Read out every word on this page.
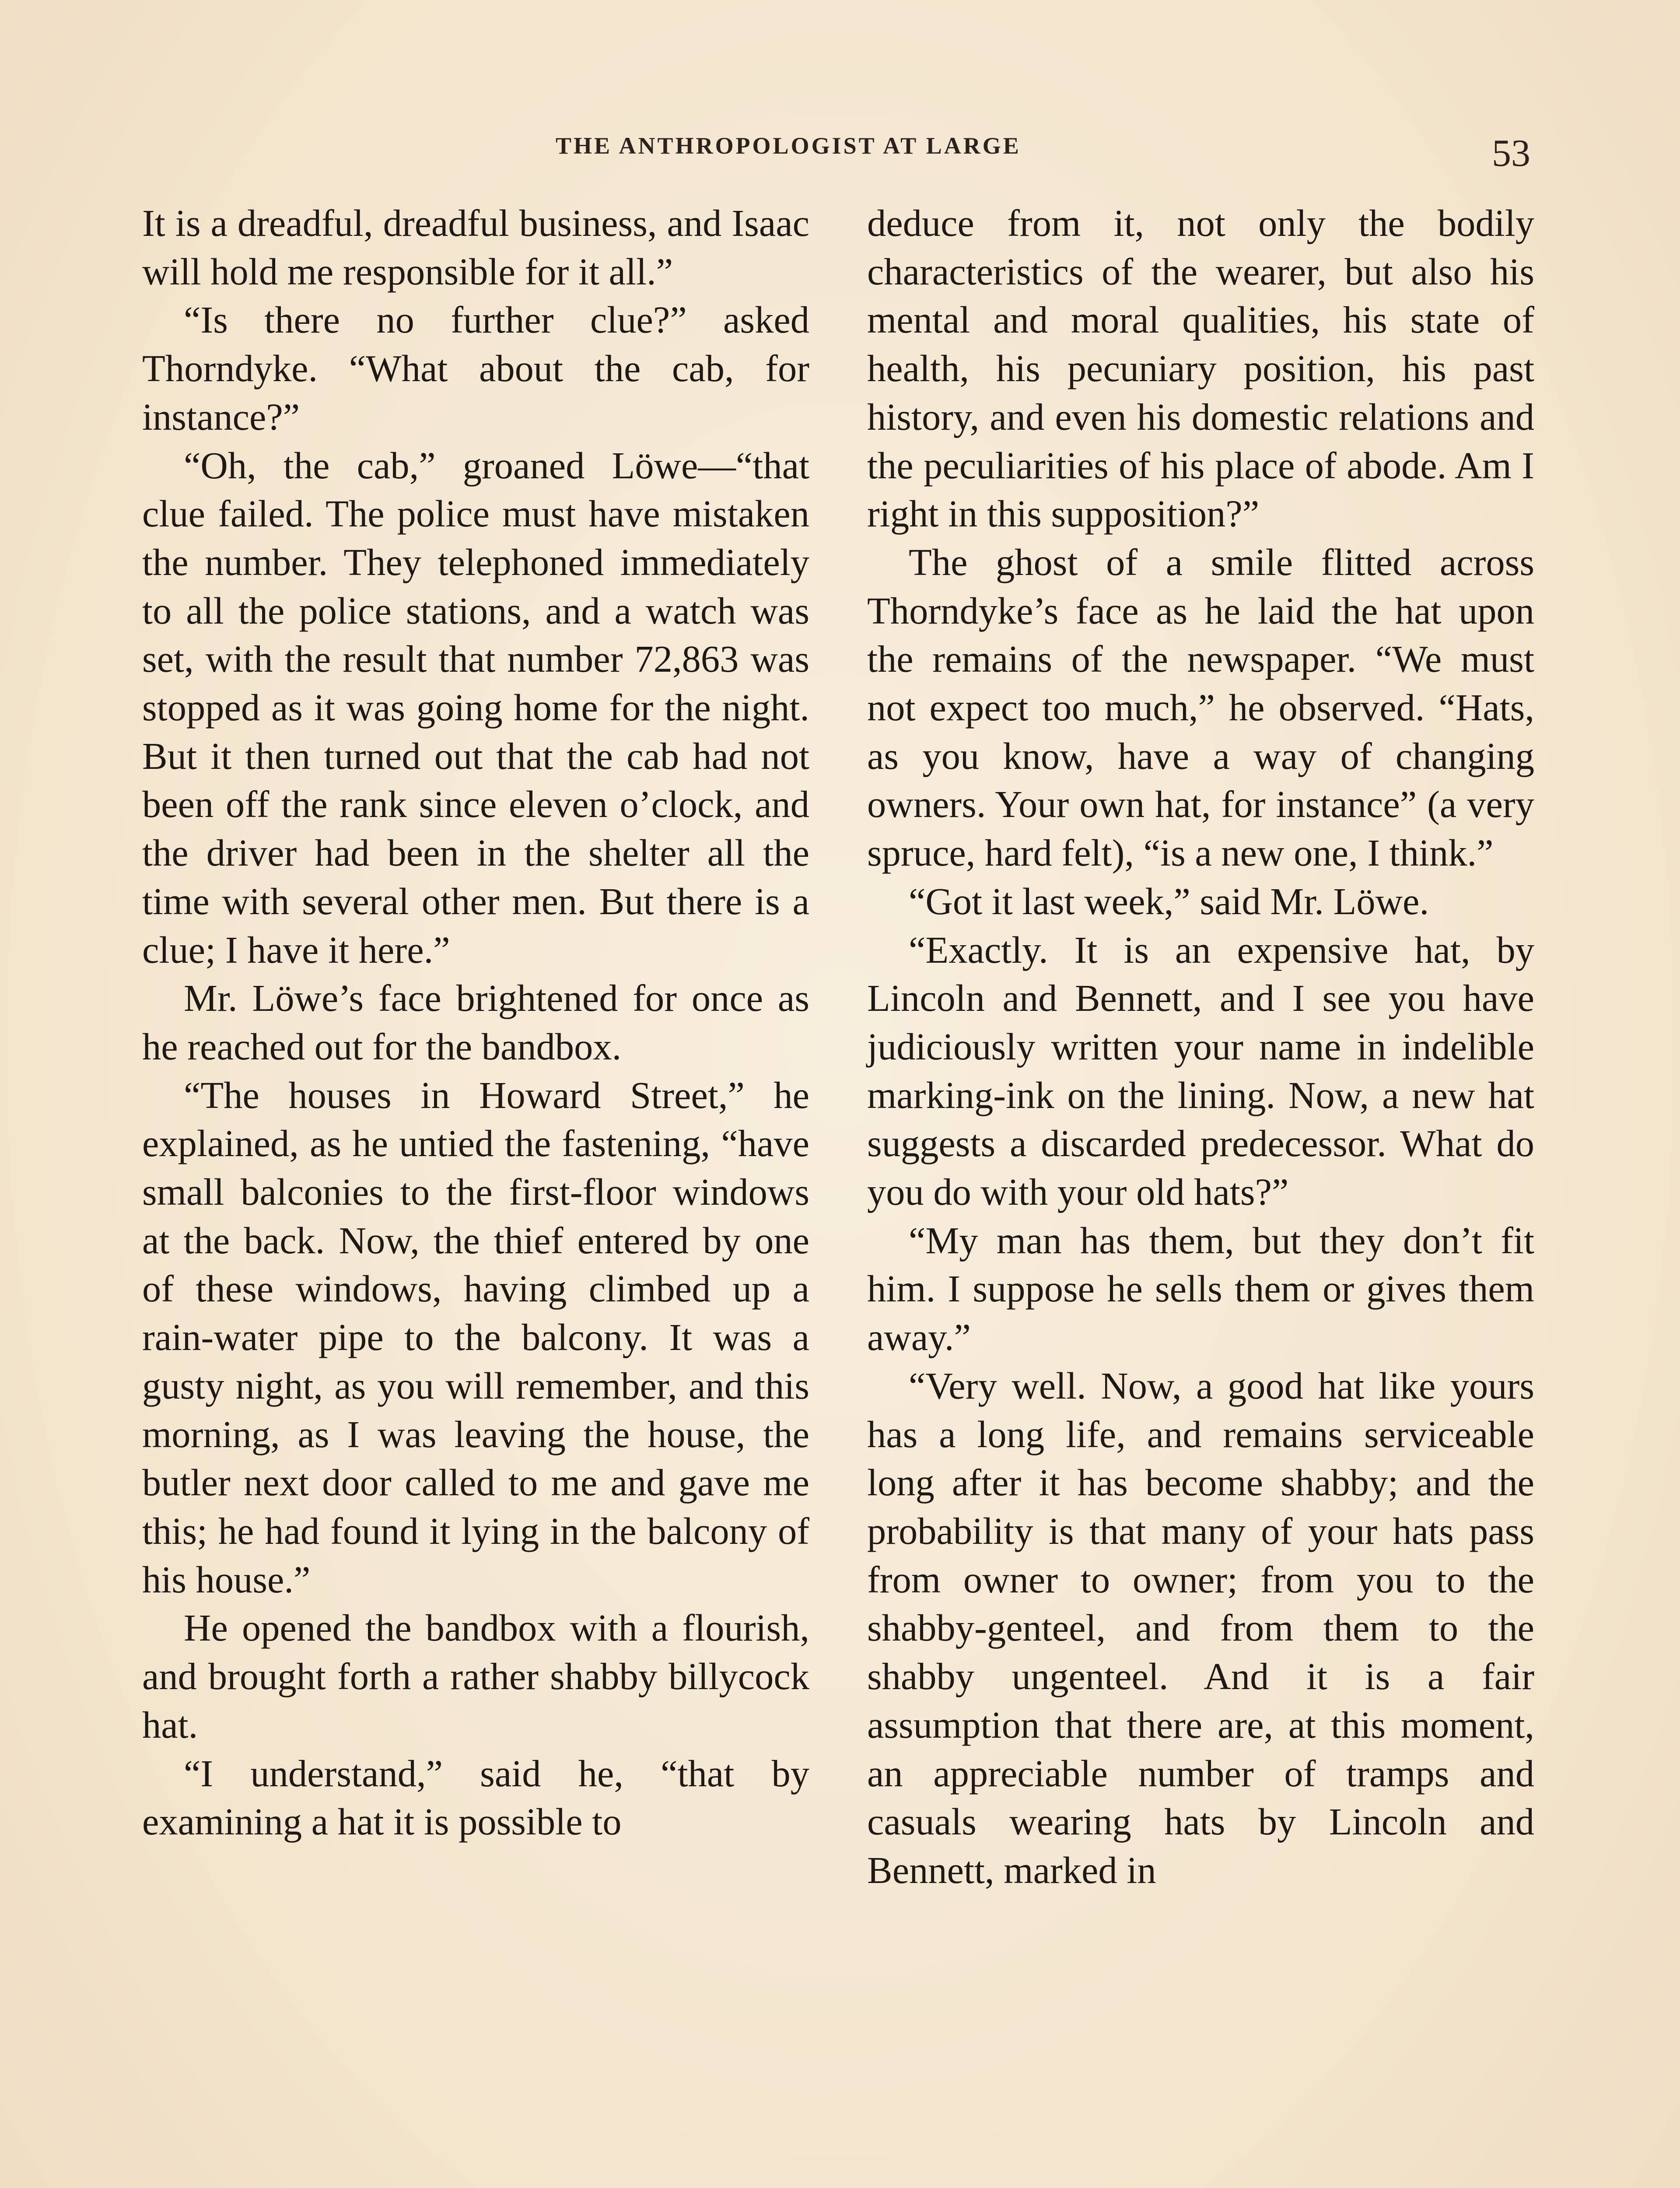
THE ANTHROPOLOGIST AT LARGE	53

It is a dreadful, dreadful business, and Isaac will hold me responsible for it all.”

“Is there no further clue?” asked Thorndyke. “What about the cab, for instance?”

“Oh, the cab,” groaned Löwe—“that clue failed. The police must have mistaken the number. They telephoned immediately to all the police stations, and a watch was set, with the result that number 72,863 was stopped as it was going home for the night. But it then turned out that the cab had not been off the rank since eleven o’clock, and the driver had been in the shelter all the time with several other men. But there is a clue; I have it here.”

Mr. Löwe’s face brightened for once as he reached out for the bandbox.

“The houses in Howard Street,” he explained, as he untied the fastening, “have small balconies to the first-floor windows at the back. Now, the thief entered by one of these windows, having climbed up a rain-water pipe to the balcony. It was a gusty night, as you will remember, and this morning, as I was leaving the house, the butler next door called to me and gave me this; he had found it lying in the balcony of his house.”

He opened the bandbox with a flourish, and brought forth a rather shabby billycock hat.

“I understand,” said he, “that by examining a hat it is possible to

deduce from it, not only the bodily characteristics of the wearer, but also his mental and moral qualities, his state of health, his pecuniary position, his past history, and even his domestic relations and the peculiarities of his place of abode. Am I right in this supposition?”

The ghost of a smile flitted across Thorndyke’s face as he laid the hat upon the remains of the newspaper. “We must not expect too much,” he observed. “Hats, as you know, have a way of changing owners. Your own hat, for instance” (a very spruce, hard felt), “is a new one, I think.”

“Got it last week,” said Mr. Löwe.

“Exactly. It is an expensive hat, by Lincoln and Bennett, and I see you have judiciously written your name in indelible marking-ink on the lining. Now, a new hat suggests a discarded predecessor. What do you do with your old hats?”

“My man has them, but they don’t fit him. I suppose he sells them or gives them away.”

“Very well. Now, a good hat like yours has a long life, and remains serviceable long after it has become shabby; and the probability is that many of your hats pass from owner to owner; from you to the shabby-genteel, and from them to the shabby ungenteel. And it is a fair assumption that there are, at this moment, an appreciable number of tramps and casuals wearing hats by Lincoln and Bennett, marked in
